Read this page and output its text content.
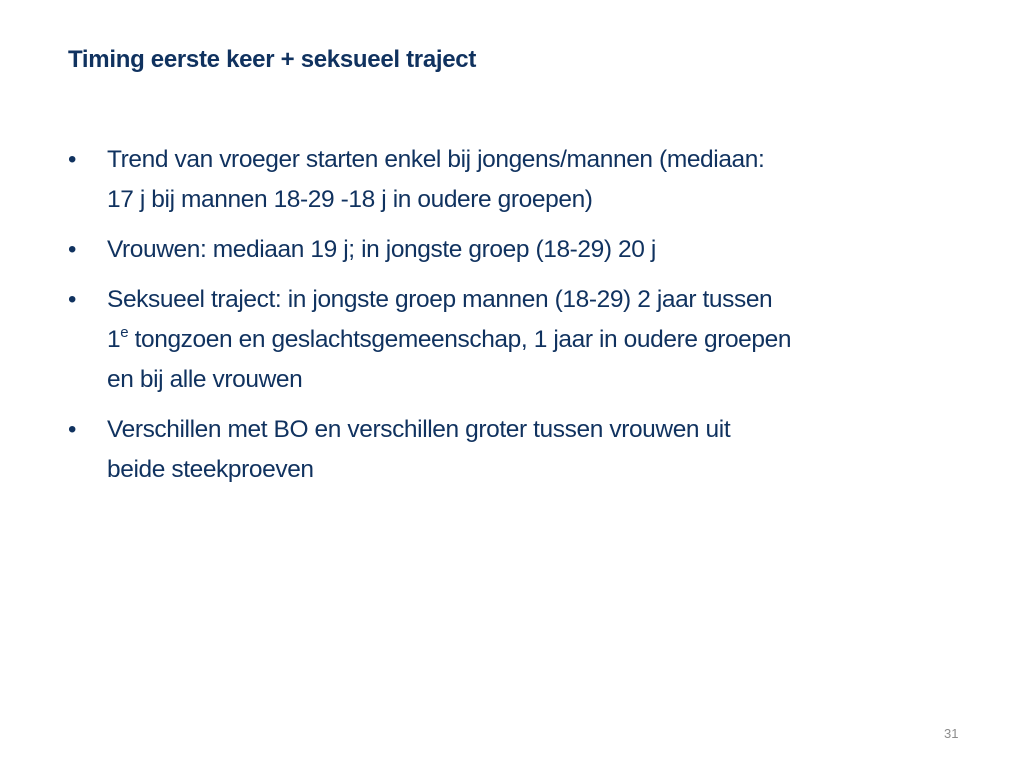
Timing eerste keer + seksueel traject
•	Trend van vroeger starten enkel bij jongens/mannen (mediaan:
17 j bij mannen 18-29 -18 j in oudere groepen)
•	Vrouwen: mediaan 19 j; in jongste groep (18-29) 20 j
•	Seksueel traject: in jongste groep mannen (18-29) 2 jaar tussen
1e tongzoen en geslachtsgemeenschap, 1 jaar in oudere groepen
en bij alle vrouwen
•	Verschillen met BO en verschillen groter tussen vrouwen uit
beide steekproeven
31
